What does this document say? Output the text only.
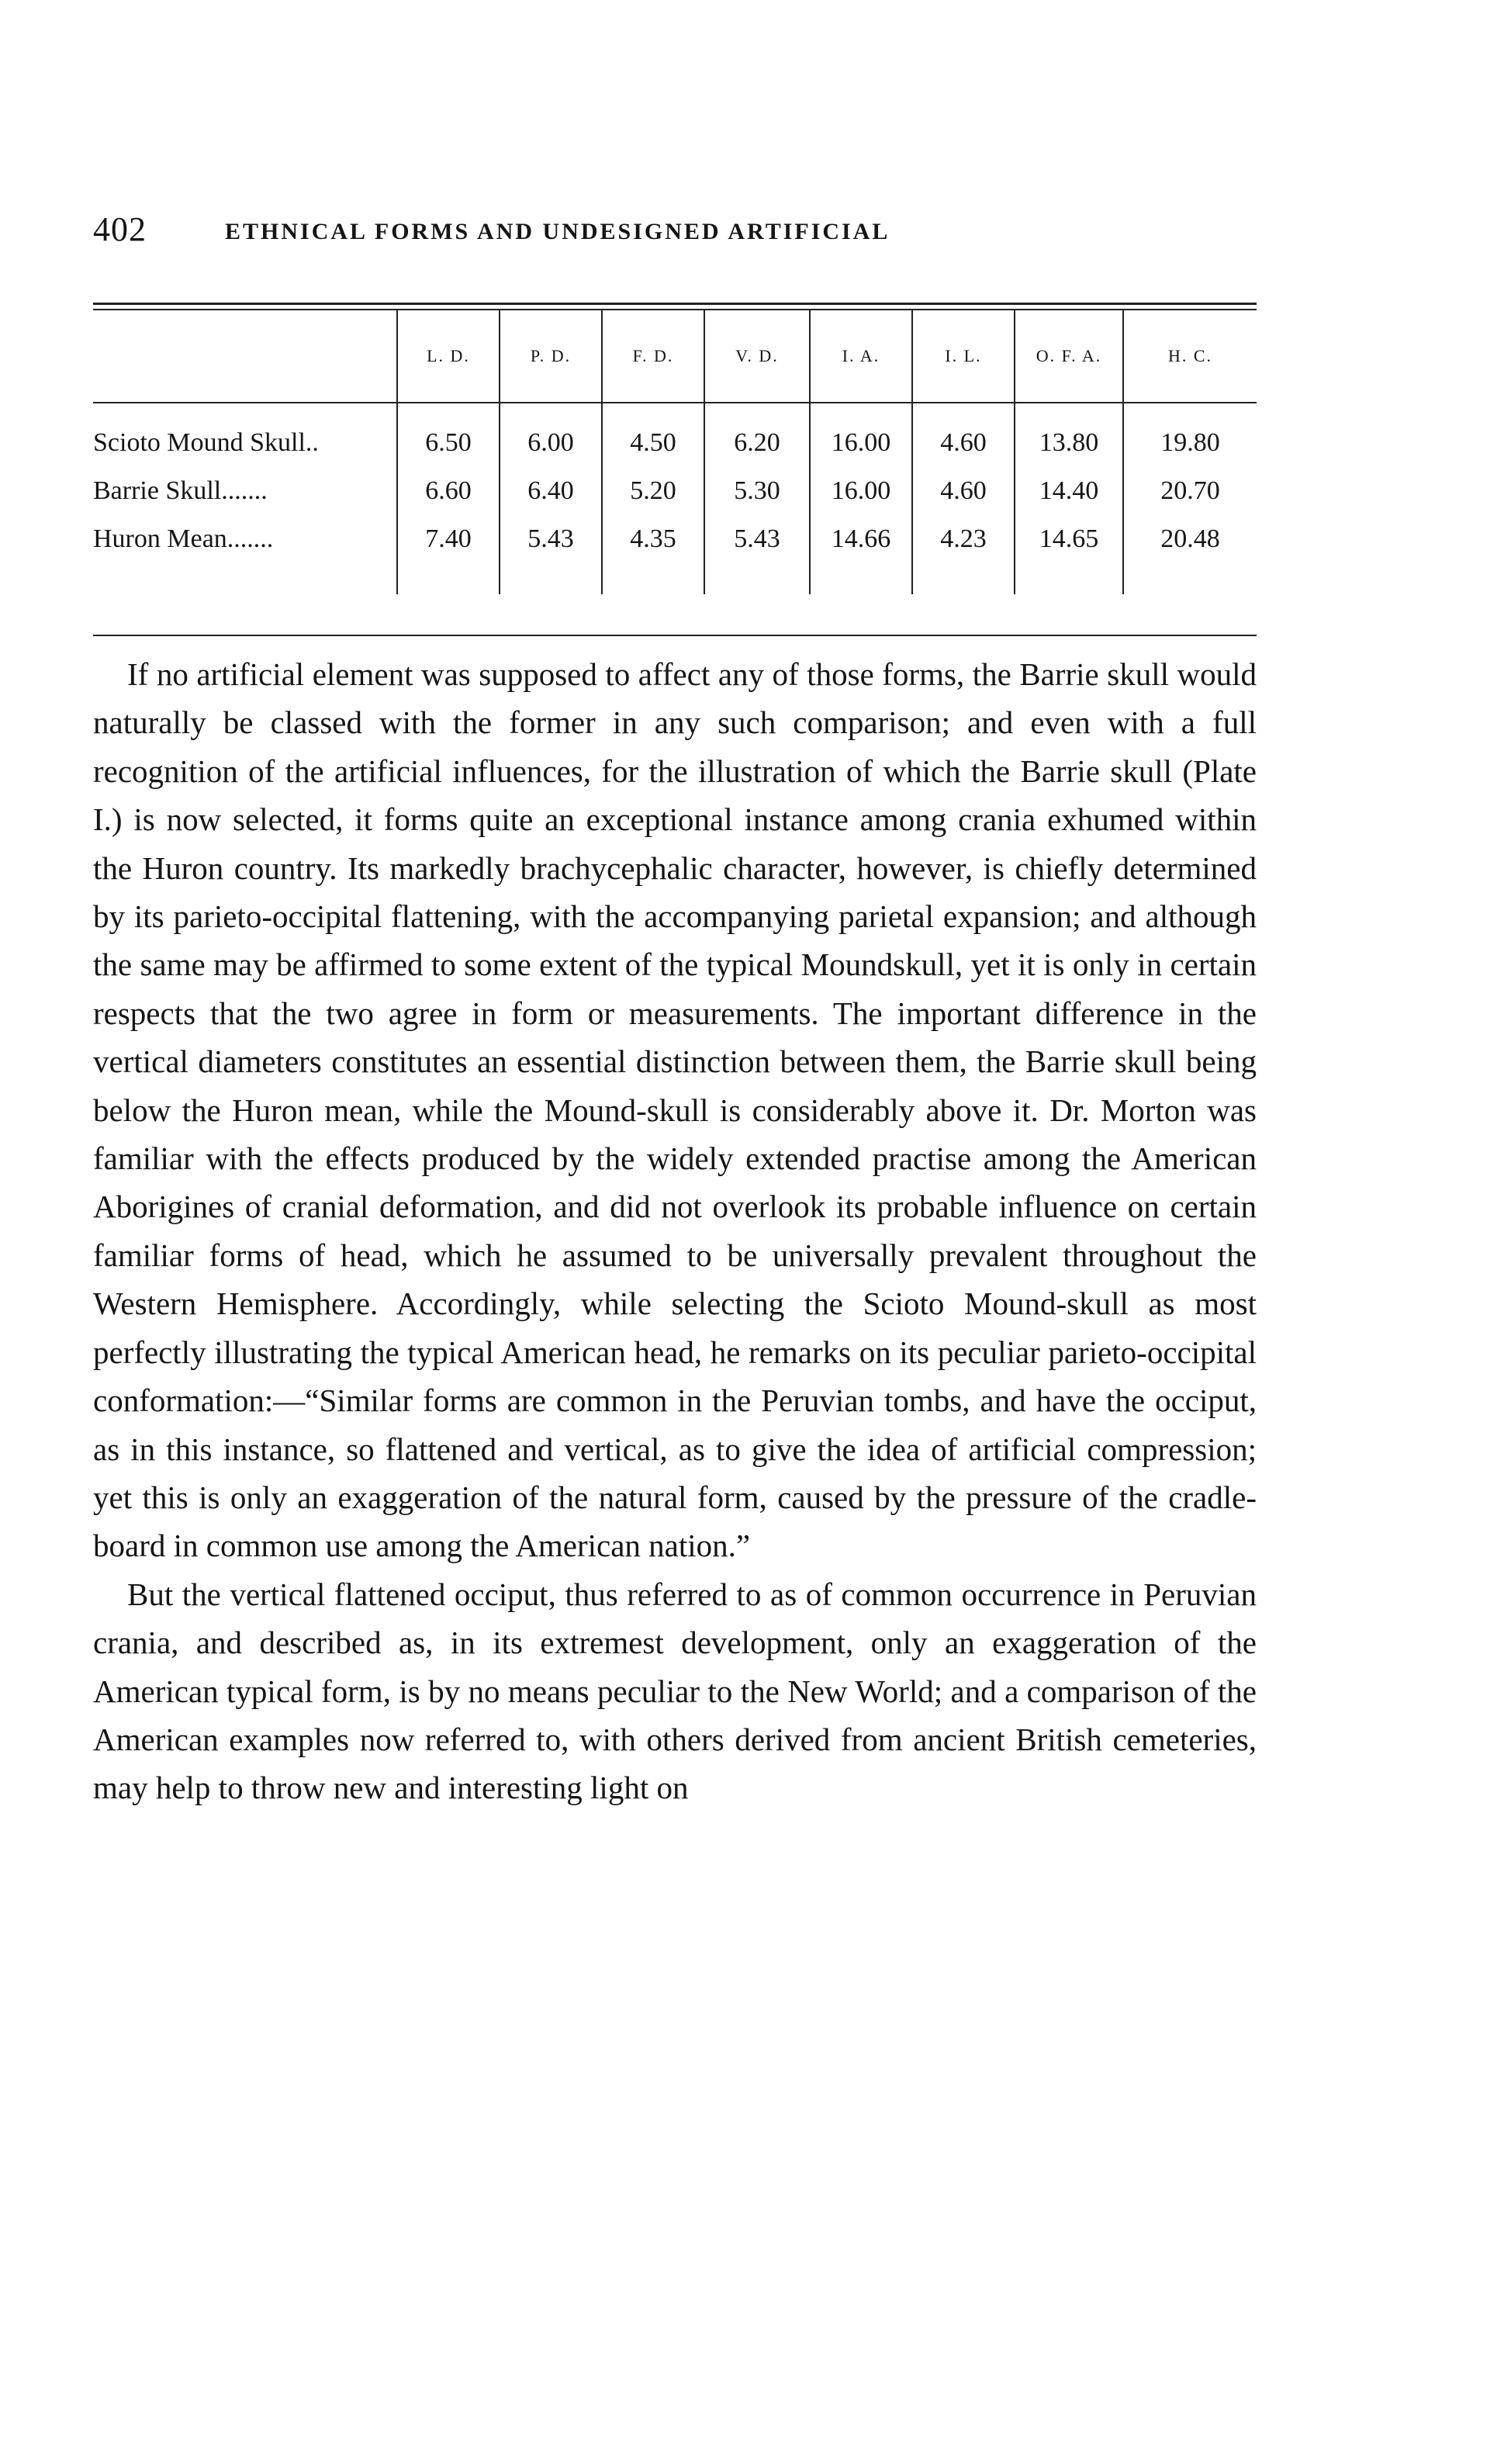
402	ETHNICAL FORMS AND UNDESIGNED ARTIFICIAL
	L. D.	P. D.	F. D.	V. D.	I. A.	I. L.	O. F. A.	H. C.
Scioto Mound Skull..	6.50	6.00	4.50	6.20	16.00	4.60	13.80	19.80
Barrie Skull.......	6.60	6.40	5.20	5.30	16.00	4.60	14.40	20.70
Huron Mean.......	7.40	5.43	4.35	5.43	14.66	4.23	14.65	20.48

If no artificial element was supposed to affect any of those forms, the Barrie skull would naturally be classed with the former in any such comparison; and even with a full recognition of the artificial influences, for the illustration of which the Barrie skull (Plate I.) is now selected, it forms quite an exceptional instance among crania exhumed within the Huron country. Its markedly brachycephalic character, however, is chiefly determined by its parieto-occipital flattening, with the accompanying parietal expansion; and although the same may be affirmed to some extent of the typical Moundskull, yet it is only in certain respects that the two agree in form or measurements. The important difference in the vertical diameters constitutes an essential distinction between them, the Barrie skull being below the Huron mean, while the Mound-skull is considerably above it. Dr. Morton was familiar with the effects produced by the widely extended practise among the American Aborigines of cranial deformation, and did not overlook its probable influence on certain familiar forms of head, which he assumed to be universally prevalent throughout the Western Hemisphere. Accordingly, while selecting the Scioto Mound-skull as most perfectly illustrating the typical American head, he remarks on its peculiar parieto-occipital conformation:—“Similar forms are common in the Peruvian tombs, and have the occiput, as in this instance, so flattened and vertical, as to give the idea of artificial compression; yet this is only an exaggeration of the natural form, caused by the pressure of the cradle-board in common use among the American nation.”

But the vertical flattened occiput, thus referred to as of common occurrence in Peruvian crania, and described as, in its extremest development, only an exaggeration of the American typical form, is by no means peculiar to the New World; and a comparison of the American examples now referred to, with others derived from ancient British cemeteries, may help to throw new and interesting light on
